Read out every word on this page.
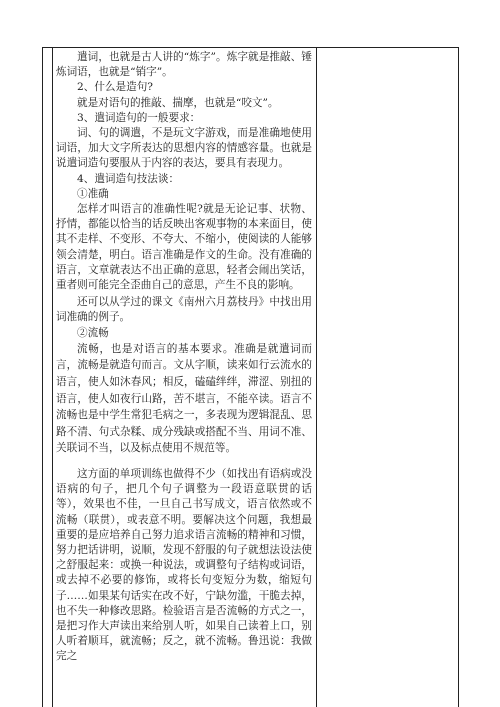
遣词，也就是古人讲的“炼字”。炼字就是推敲、锤炼词语，也就是“销字”。

2、什么是造句?

就是对语句的推敲、揣摩，也就是“咬文”。

3、遣词造句的一般要求：

词、句的调遣，不是玩文字游戏，而是准确地使用词语，加大文字所表达的思想内容的情感容量。也就是说遣词造句要服从于内容的表达，要具有表现力。

4、遣词造句技法谈：

①准确

怎样才叫语言的准确性呢?就是无论记事、状物、抒情，都能以恰当的话反映出客观事物的本来面目，使其不走样、不变形、不夸大、不缩小，使阅读的人能够领会清楚，明白。语言准确是作文的生命。没有准确的语言，文章就表达不出正确的意思，轻者会闹出笑话，重者则可能完全歪曲自己的意思，产生不良的影响。

还可以从学过的课文《南州六月荔枝丹》中找出用词准确的例子。

②流畅

流畅，也是对语言的基本要求。准确是就遣词而言，流畅是就造句而言。文从字顺，读来如行云流水的语言，使人如沐春风；相反，磕磕绊绊，滞涩、别扭的语言，使人如夜行山路，苦不堪言，不能卒读。语言不流畅也是中学生常犯毛病之一，多表现为逻辑混乱、思路不清、句式杂糅、成分残缺或搭配不当、用词不准、关联词不当，以及标点使用不规范等。

这方面的单项训练也做得不少（如找出有语病或没语病的句子，把几个句子调整为一段语意联贯的话等），效果也不佳，一旦自己书写成文，语言依然或不流畅（联贯），或表意不明。要解决这个问题，我想最重要的是应培养自己努力追求语言流畅的精神和习惯，努力把话讲明，说顺，发现不舒服的句子就想法设法使之舒服起来：或换一种说法，或调整句子结构或词语，或去掉不必要的修饰，或将长句变短分为数，缩短句子……如果某句话实在改不好，宁缺勿滥，干脆去掉，也不失一种修改思路。检验语言是否流畅的方式之一，是把习作大声读出来给别人听，如果自己读着上口，别人听着顺耳，就流畅；反之，就不流畅。鲁迅说：我做完之
